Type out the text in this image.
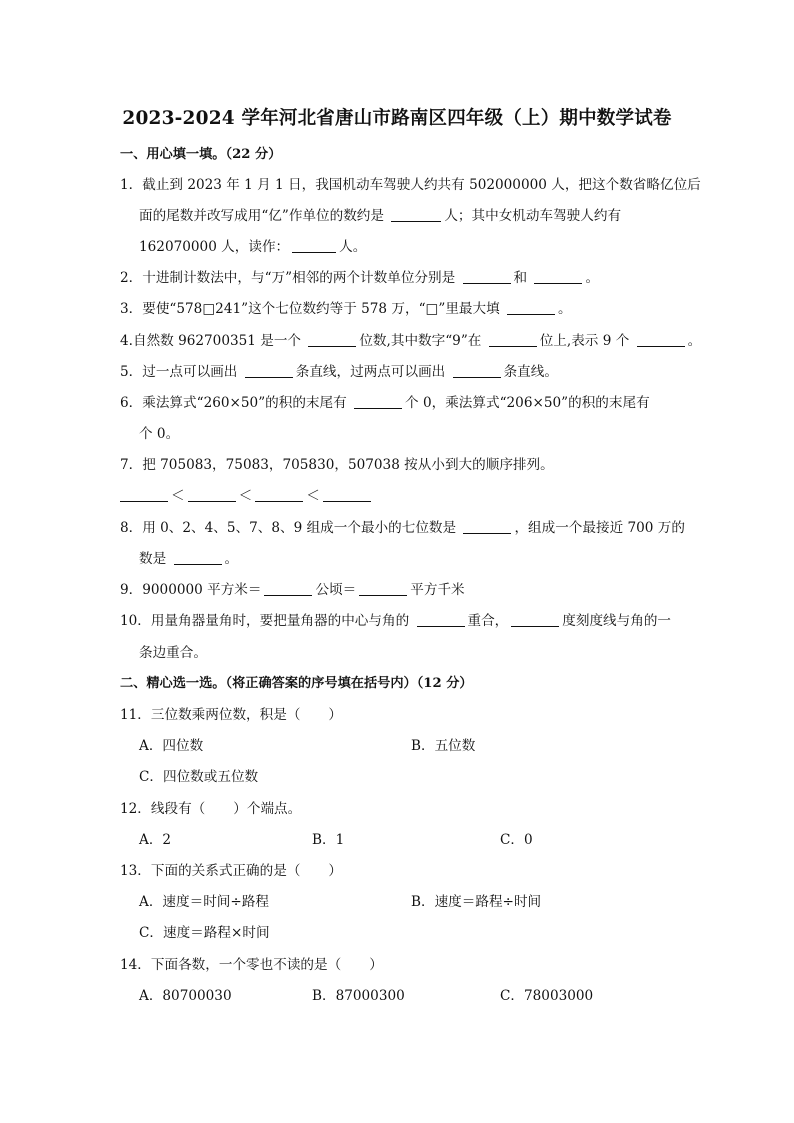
2023-2024 学年河北省唐山市路南区四年级（上）期中数学试卷
一、用心填一填。（22 分）
1．截止到 2023 年 1 月 1 日，我国机动车驾驶人约共有 502000000 人，把这个数省略亿位后
面的尾数并改写成用“亿”作单位的数约是	人；其中女机动车驾驶人约有
162070000 人，读作：	人。
2．十进制计数法中，与“万”相邻的两个计数单位分别是	和	。
3．要使“578□241”这个七位数约等于 578 万，“□”里最大填	。
4.自然数 962700351 是一个	位数,其中数字“9”在	位上,表示 9 个	。
5．过一点可以画出	条直线，过两点可以画出	条直线。
6．乘法算式“260×50”的积的末尾有	个 0，乘法算式“206×50”的积的末尾有
个 0。
7．把 705083，75083，705830，507038 按从小到大的顺序排列。
＜	＜	＜
8．用 0、2、4、5、7、8、9 组成一个最小的七位数是	，组成一个最接近 700 万的
数是	。
9．9000000 平方米＝	公顷＝	平方千米
10．用量角器量角时，要把量角器的中心与角的	重合，	度刻度线与角的一
条边重合。
二、精心选一选。（将正确答案的序号填在括号内）（12 分）
11．三位数乘两位数，积是（ ）
A．四位数	B．五位数
C．四位数或五位数
12．线段有（ ）个端点。
A．2	B．1	C．0
13．下面的关系式正确的是（ ）
A．速度＝时间÷路程	B．速度＝路程÷时间
C．速度＝路程×时间
14．下面各数，一个零也不读的是（ ）
A．80700030	B．87000300	C．78003000
